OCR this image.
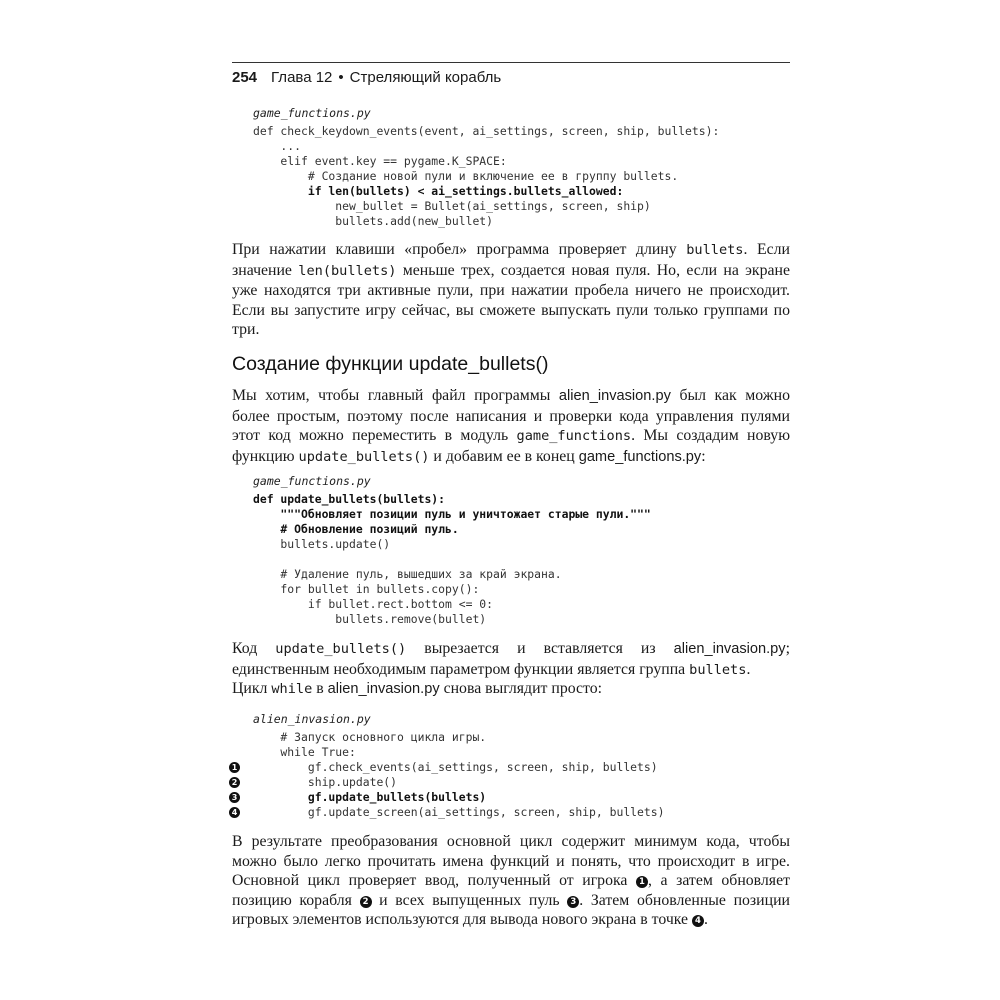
254 Глава 12 • Стреляющий корабль
game_functions.py
def check_keydown_events(event, ai_settings, screen, ship, bullets):
...
elif event.key == pygame.K_SPACE:
# Создание новой пули и включение ее в группу bullets.
if len(bullets) < ai_settings.bullets_allowed:
new_bullet = Bullet(ai_settings, screen, ship)
bullets.add(new_bullet)

При нажатии клавиши «пробел» программа проверяет длину bullets. Если значение len(bullets) меньше трех, создается новая пуля. Но, если на экране уже находятся три активные пули, при нажатии пробела ничего не происходит. Если вы запустите игру сейчас, вы сможете выпускать пули только группами по три.

Создание функции update_bullets()

Мы хотим, чтобы главный файл программы alien_invasion.py был как можно более простым, поэтому после написания и проверки кода управления пулями этот код можно переместить в модуль game_functions. Мы создадим новую функцию update_bullets() и добавим ее в конец game_functions.py:

game_functions.py
def update_bullets(bullets):
"""Обновляет позиции пуль и уничтожает старые пули."""
# Обновление позиций пуль.
bullets.update()
# Удаление пуль, вышедших за край экрана.
for bullet in bullets.copy():
if bullet.rect.bottom <= 0:
bullets.remove(bullet)

Код update_bullets() вырезается и вставляется из alien_invasion.py; единственным необходимым параметром функции является группа bullets.

Цикл while в alien_invasion.py снова выглядит просто:

alien_invasion.py
# Запуск основного цикла игры.
while True:
1 gf.check_events(ai_settings, screen, ship, bullets)
2 ship.update()
3 gf.update_bullets(bullets)
4 gf.update_screen(ai_settings, screen, ship, bullets)

В результате преобразования основной цикл содержит минимум кода, чтобы можно было легко прочитать имена функций и понять, что происходит в игре. Основной цикл проверяет ввод, полученный от игрока 1 , а затем обновляет позицию корабля 2 и всех выпущенных пуль 3 . Затем обновленные позиции игровых элементов используются для вывода нового экрана в точке 4 .
